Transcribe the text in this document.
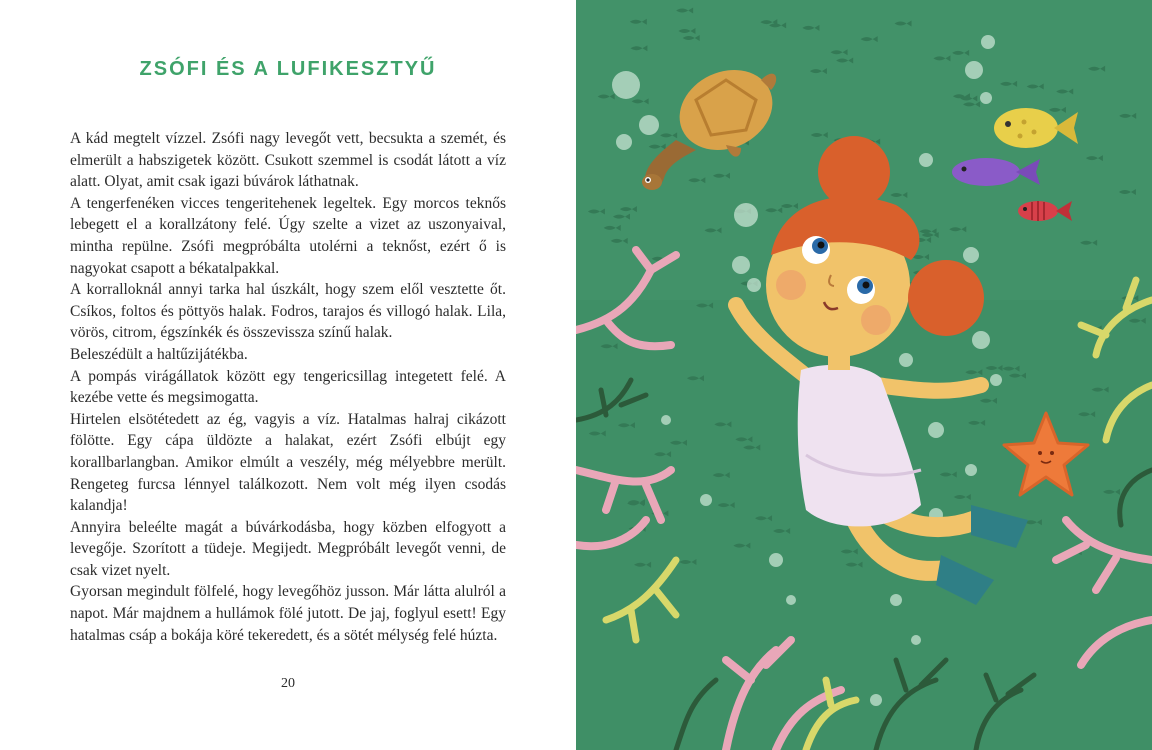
ZSÓFI ÉS A LUFIKESZTYŰ

A kád megtelt vízzel. Zsófi nagy levegőt vett, becsukta a szemét, és elmerült a habszigetek között. Csukott szemmel is csodát látott a víz alatt. Olyat, amit csak igazi búvárok láthatnak.

A tengerfenéken vicces tengeritehenek legeltek. Egy morcos teknős lebegett el a korallzátony felé. Úgy szelte a vizet az uszonyaival, mintha repülne. Zsófi megpróbálta utolérni a teknőst, ezért ő is nagyokat csapott a békatalpakkal.

A korralloknál annyi tarka hal úszkált, hogy szem elől vesztette őt. Csíkos, foltos és pöttyös halak. Fodros, tarajos és villogó halak. Lila, vörös, citrom, égszínkék és összevissza színű halak.

Beleszédült a haltűzijátékba.

A pompás virágállatok között egy tengericsillag integetett felé. A kezébe vette és megsimogatta.

Hirtelen elsötétedett az ég, vagyis a víz. Hatalmas halraj cikázott fölötte. Egy cápa üldözte a halakat, ezért Zsófi elbújt egy korallbarlangban. Amikor elmúlt a veszély, még mélyebbre merült. Rengeteg furcsa lénnyel találkozott. Nem volt még ilyen csodás kalandja!

Annyira beleélte magát a búvárkodásba, hogy közben elfogyott a levegője. Szorított a tüdeje. Megijedt. Megpróbált levegőt venni, de csak vizet nyelt.

Gyorsan megindult fölfelé, hogy levegőhöz jusson. Már látta alulról a napot. Már majdnem a hullámok fölé jutott. De jaj, foglyul esett! Egy hatalmas csáp a bokája köré tekeredett, és a sötét mélység felé húzta.

20
